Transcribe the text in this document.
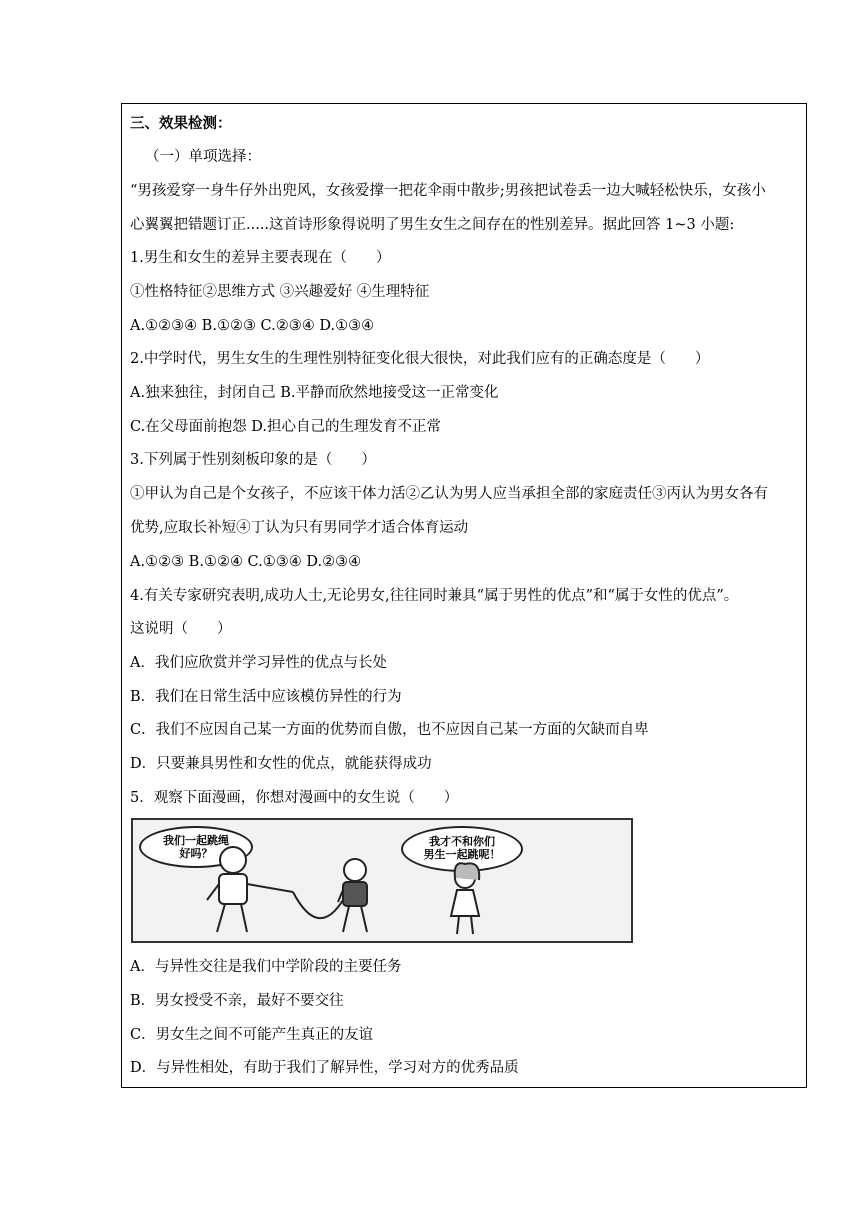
三、效果检测：
（一）单项选择：
“男孩爱穿一身牛仔外出兜风，女孩爱撑一把花伞雨中散步;男孩把试卷丢一边大喊轻松快乐，女孩小
心翼翼把错题订正.....这首诗形象得说明了男生女生之间存在的性别差异。据此回答 1~3 小题:
1.男生和女生的差异主要表现在（　　）
①性格特征②思维方式 ③兴趣爱好 ④生理特征
A.①②③④ B.①②③ C.②③④ D.①③④
2.中学时代，男生女生的生理性别特征变化很大很快，对此我们应有的正确态度是（　　）
A.独来独往，封闭自己 B.平静而欣然地接受这一正常变化
C.在父母面前抱怨 D.担心自己的生理发育不正常
3.下列属于性别刻板印象的是（　　）
①甲认为自己是个女孩子，不应该干体力活②乙认为男人应当承担全部的家庭责任③丙认为男女各有
优势,应取长补短④丁认为只有男同学才适合体育运动
A.①②③ B.①②④ C.①③④ D.②③④
4.有关专家研究表明,成功人士,无论男女,往往同时兼具“属于男性的优点”和“属于女性的优点”。
这说明（　　）
A．我们应欣赏并学习异性的优点与长处
B．我们在日常生活中应该模仿异性的行为
C．我们不应因自己某一方面的优势而自傲，也不应因自己某一方面的欠缺而自卑
D．只要兼具男性和女性的优点，就能获得成功
5．观察下面漫画，你想对漫画中的女生说（　　）
我们一起跳绳
好吗？
我才不和你们
男生一起跳呢！
A．与异性交往是我们中学阶段的主要任务
B．男女授受不亲，最好不要交往
C．男女生之间不可能产生真正的友谊
D．与异性相处，有助于我们了解异性，学习对方的优秀品质
